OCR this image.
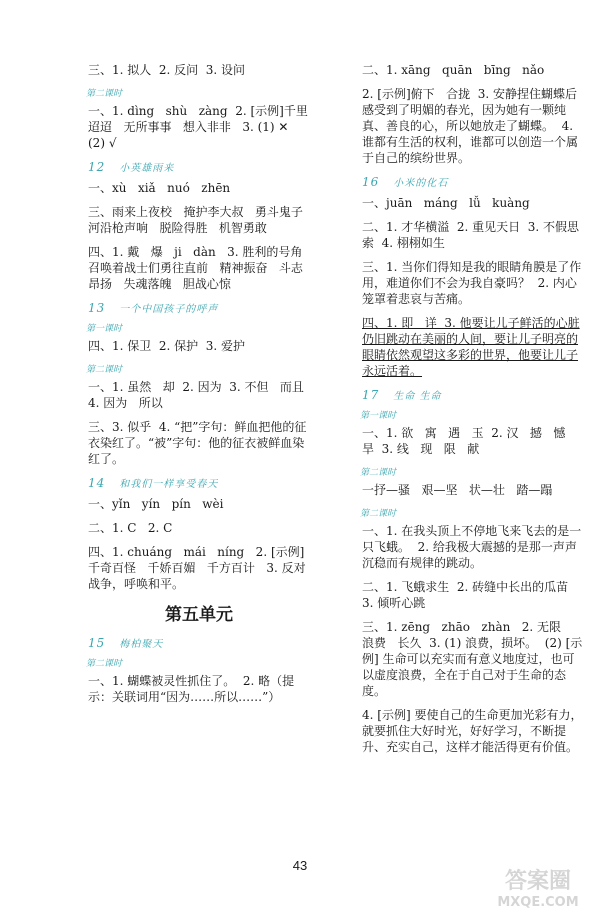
三、1. 拟人  2. 反问  3. 设问
第二课时
一、1. dìng   shù   zàng  2. [示例]千里迢迢   无所事事   想入非非   3. (1) ✕   (2) √
12 小英雄雨来
一、xù   xiǎ   nuó   zhēn
三、雨来上夜校   掩护李大叔   勇斗鬼子   河沿枪声响   脱险得胜   机智勇敢
四、1. 戴   爆   ji   dàn   3. 胜利的号角召唤着战士们勇往直前   精神振奋   斗志昂扬   失魂落魄   胆战心惊
13 一个中国孩子的呼声
第一课时
四、1. 保卫  2. 保护  3. 爱护
第二课时
一、1. 虽然   却  2. 因为  3. 不但   而且   4. 因为   所以
三、3. 似乎  4. “把”字句：鲜血把他的征衣染红了。“被”字句：他的征衣被鲜血染红了。
14 和我们一样享受春天
一、yǐn   yín   pín   wèi
二、1. C   2. C
四、1. chuáng   mái   níng   2. [示例]千奇百怪   千娇百媚   千方百计   3. 反对战争，呼唤和平。
第五单元
15 梅柏聚天
第二课时
一、1. 蝴蝶被灵性抓住了。  2. 略（提示：关联词用“因为……所以……”）
二、1. xāng   quān   bīng   nǎo
2. [示例]俯下   合拢  3. 安静捏住蝴蝶后感受到了明媚的春光，因为她有一颗纯真、善良的心，所以她放走了蝴蝶。  4. 谁都有生活的权利，谁都可以创造一个属于自己的缤纷世界。
16 小米的化石
一、juān   máng   lǚ   kuàng
二、1. 才华横溢  2. 重见天日  3. 不假思索  4. 栩栩如生
三、1. 当你们得知是我的眼睛角膜是了作用，难道你们不会为我自豪吗？  2. 内心笼罩着悲哀与苦痛。
四、1. 即   详  3. 他要让儿子鲜活的心脏仍旧跳动在美丽的人间，要让儿子明亮的眼睛依然观望这多彩的世界，他要让儿子永远活着。
17 生命 生命
第一课时
一、1. 欲   寓   遇   玉  2. 汉   撼   憾   旱  3. 线   现   限   献
第二课时
一抒—骚   艰—坚   状—壮   踏—蹋
第二课时
一、1. 在我头顶上不停地飞来飞去的是一只飞蛾。  2. 给我极大震撼的是那一声声沉稳而有规律的跳动。
二、1. 飞蛾求生  2. 砖缝中长出的瓜苗  3. 倾听心跳
三、1. zēng   zhāo   zhàn   2. 无限   浪费   长久  3. (1) 浪费，损坏。  (2) [示例] 生命可以充实而有意义地度过，也可以虚度浪费，全在于自己对于生命的态度。
4. [示例] 要使自己的生命更加光彩有力，就要抓住大好时光，好好学习，不断提升、充实自己，这样才能活得更有价值。
43
答案圈
MXQE.COM
